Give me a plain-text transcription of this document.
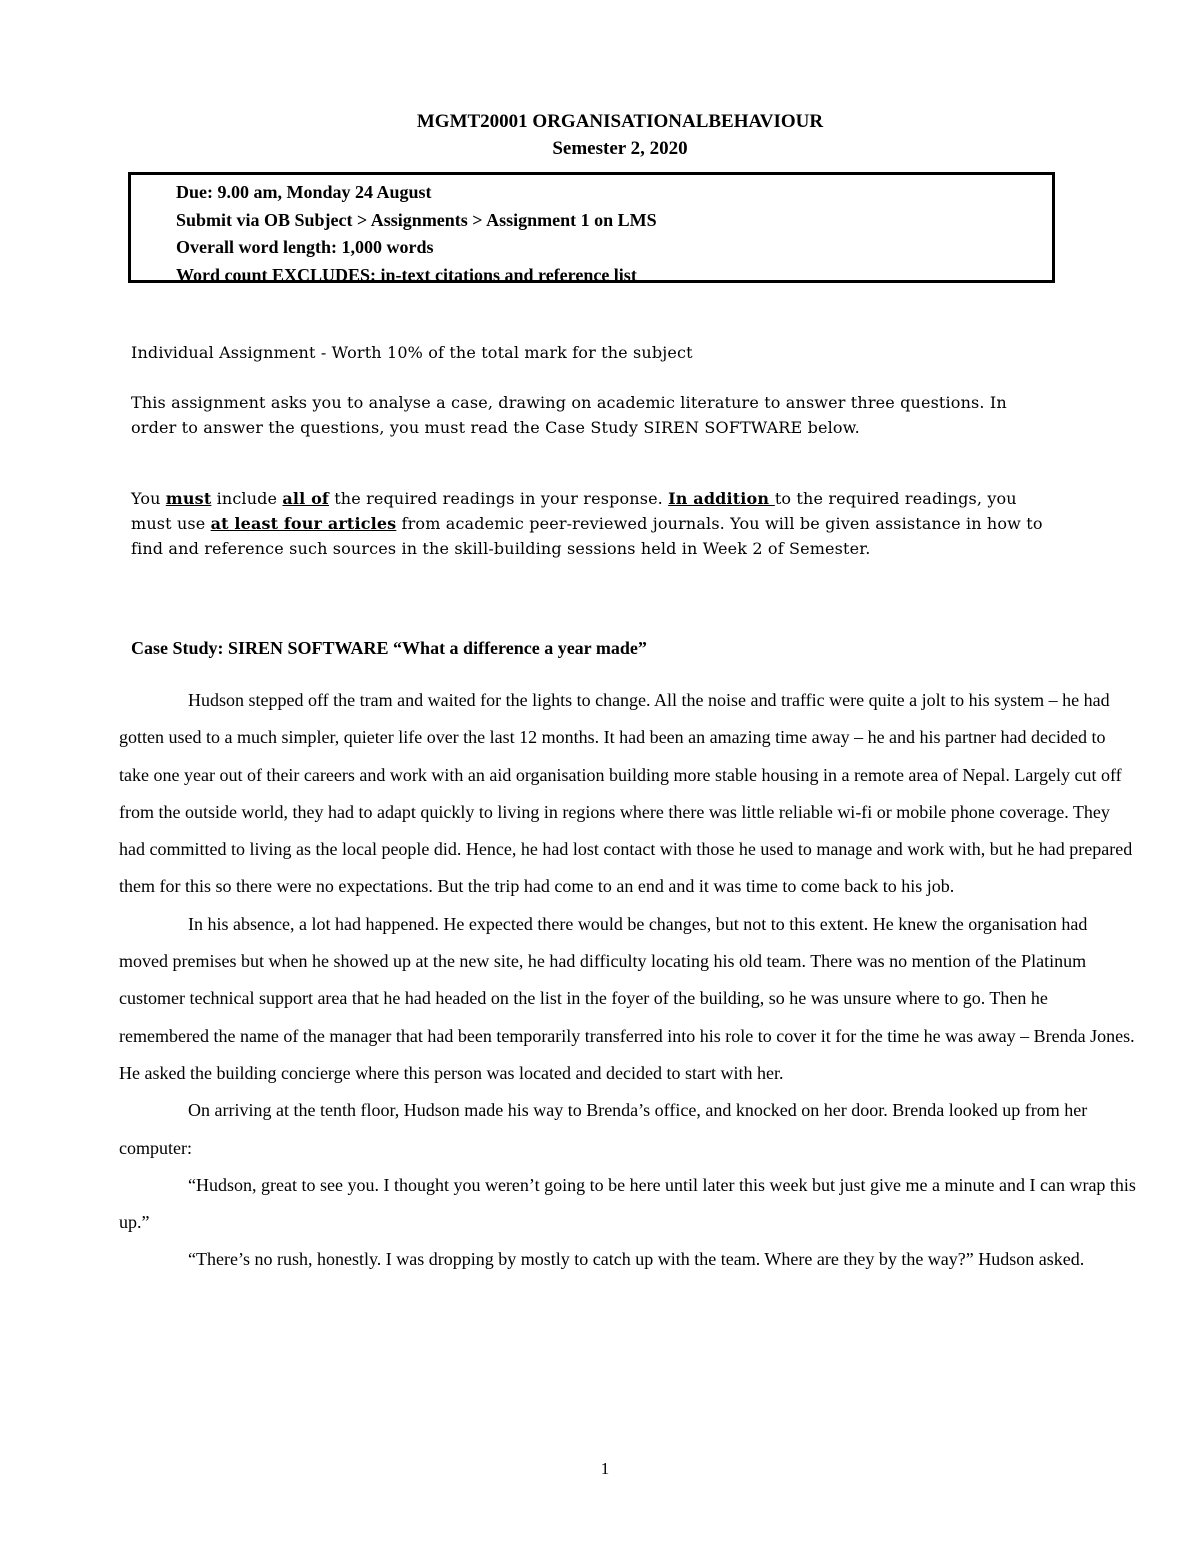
MGMT20001 ORGANISATIONALBEHAVIOUR
Semester 2, 2020
Due: 9.00 am, Monday 24 August
Submit via OB Subject > Assignments > Assignment 1 on LMS
Overall word length: 1,000 words
Word count EXCLUDES: in-text citations and reference list

Individual Assignment - Worth 10% of the total mark for the subject

This assignment asks you to analyse a case, drawing on academic literature to answer three questions. In order to answer the questions, you must read the Case Study SIREN SOFTWARE below.

You must include all of the required readings in your response. In addition to the required readings, you must use at least four articles from academic peer-reviewed journals. You will be given assistance in how to find and reference such sources in the skill-building sessions held in Week 2 of Semester.

Case Study: SIREN SOFTWARE “What a difference a year made”

Hudson stepped off the tram and waited for the lights to change. All the noise and traffic were quite a jolt to his system – he had gotten used to a much simpler, quieter life over the last 12 months. It had been an amazing time away – he and his partner had decided to take one year out of their careers and work with an aid organisation building more stable housing in a remote area of Nepal. Largely cut off from the outside world, they had to adapt quickly to living in regions where there was little reliable wi-fi or mobile phone coverage. They had committed to living as the local people did. Hence, he had lost contact with those he used to manage and work with, but he had prepared them for this so there were no expectations. But the trip had come to an end and it was time to come back to his job.

In his absence, a lot had happened. He expected there would be changes, but not to this extent. He knew the organisation had moved premises but when he showed up at the new site, he had difficulty locating his old team. There was no mention of the Platinum customer technical support area that he had headed on the list in the foyer of the building, so he was unsure where to go. Then he remembered the name of the manager that had been temporarily transferred into his role to cover it for the time he was away – Brenda Jones. He asked the building concierge where this person was located and decided to start with her.

On arriving at the tenth floor, Hudson made his way to Brenda’s office, and knocked on her door. Brenda looked up from her computer:

“Hudson, great to see you. I thought you weren’t going to be here until later this week but just give me a minute and I can wrap this up.”

“There’s no rush, honestly. I was dropping by mostly to catch up with the team. Where are they by the way?” Hudson asked.

1
